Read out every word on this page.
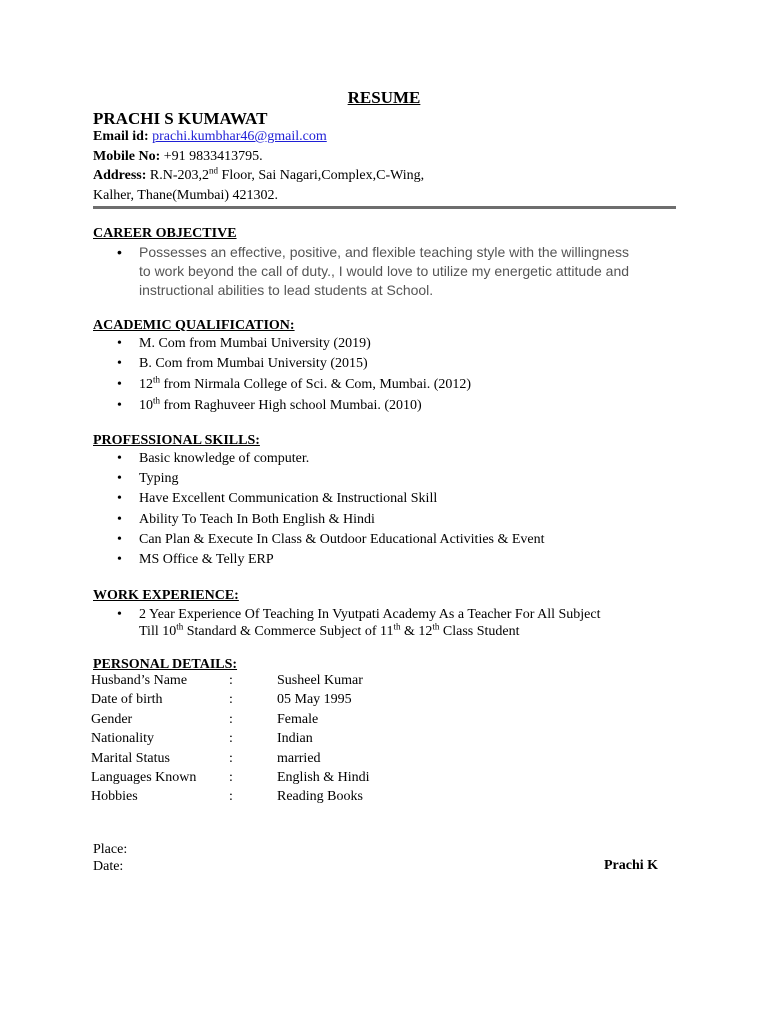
RESUME
PRACHI S KUMAWAT
Email id: prachi.kumbhar46@gmail.com
Mobile No: +91 9833413795.
Address: R.N-203,2nd Floor, Sai Nagari,Complex,C-Wing,
Kalher, Thane(Mumbai) 421302.
CAREER OBJECTIVE
• Possesses an effective, positive, and flexible teaching style with the willingness to work beyond the call of duty., I would love to utilize my energetic attitude and instructional abilities to lead students at School.
ACADEMIC QUALIFICATION:
• M. Com from Mumbai University (2019)
• B. Com from Mumbai University (2015)
• 12th from Nirmala College of Sci. & Com, Mumbai. (2012)
• 10th from Raghuveer High school Mumbai. (2010)
PROFESSIONAL SKILLS:
• Basic knowledge of computer.
• Typing
• Have Excellent Communication & Instructional Skill
• Ability To Teach In Both English & Hindi
• Can Plan & Execute In Class & Outdoor Educational Activities & Event
• MS Office & Telly ERP
WORK EXPERIENCE:
• 2 Year Experience Of Teaching In Vyutpati Academy As a Teacher For All Subject
Till 10th Standard & Commerce Subject of 11th & 12th Class Student
PERSONAL DETAILS:
Husband’s Name	:	Susheel Kumar
Date of birth	:	05 May 1995
Gender	:	Female
Nationality	:	Indian
Marital Status	:	married
Languages Known	:	English & Hindi
Hobbies	:	Reading Books
Place:
Date:	Prachi K
